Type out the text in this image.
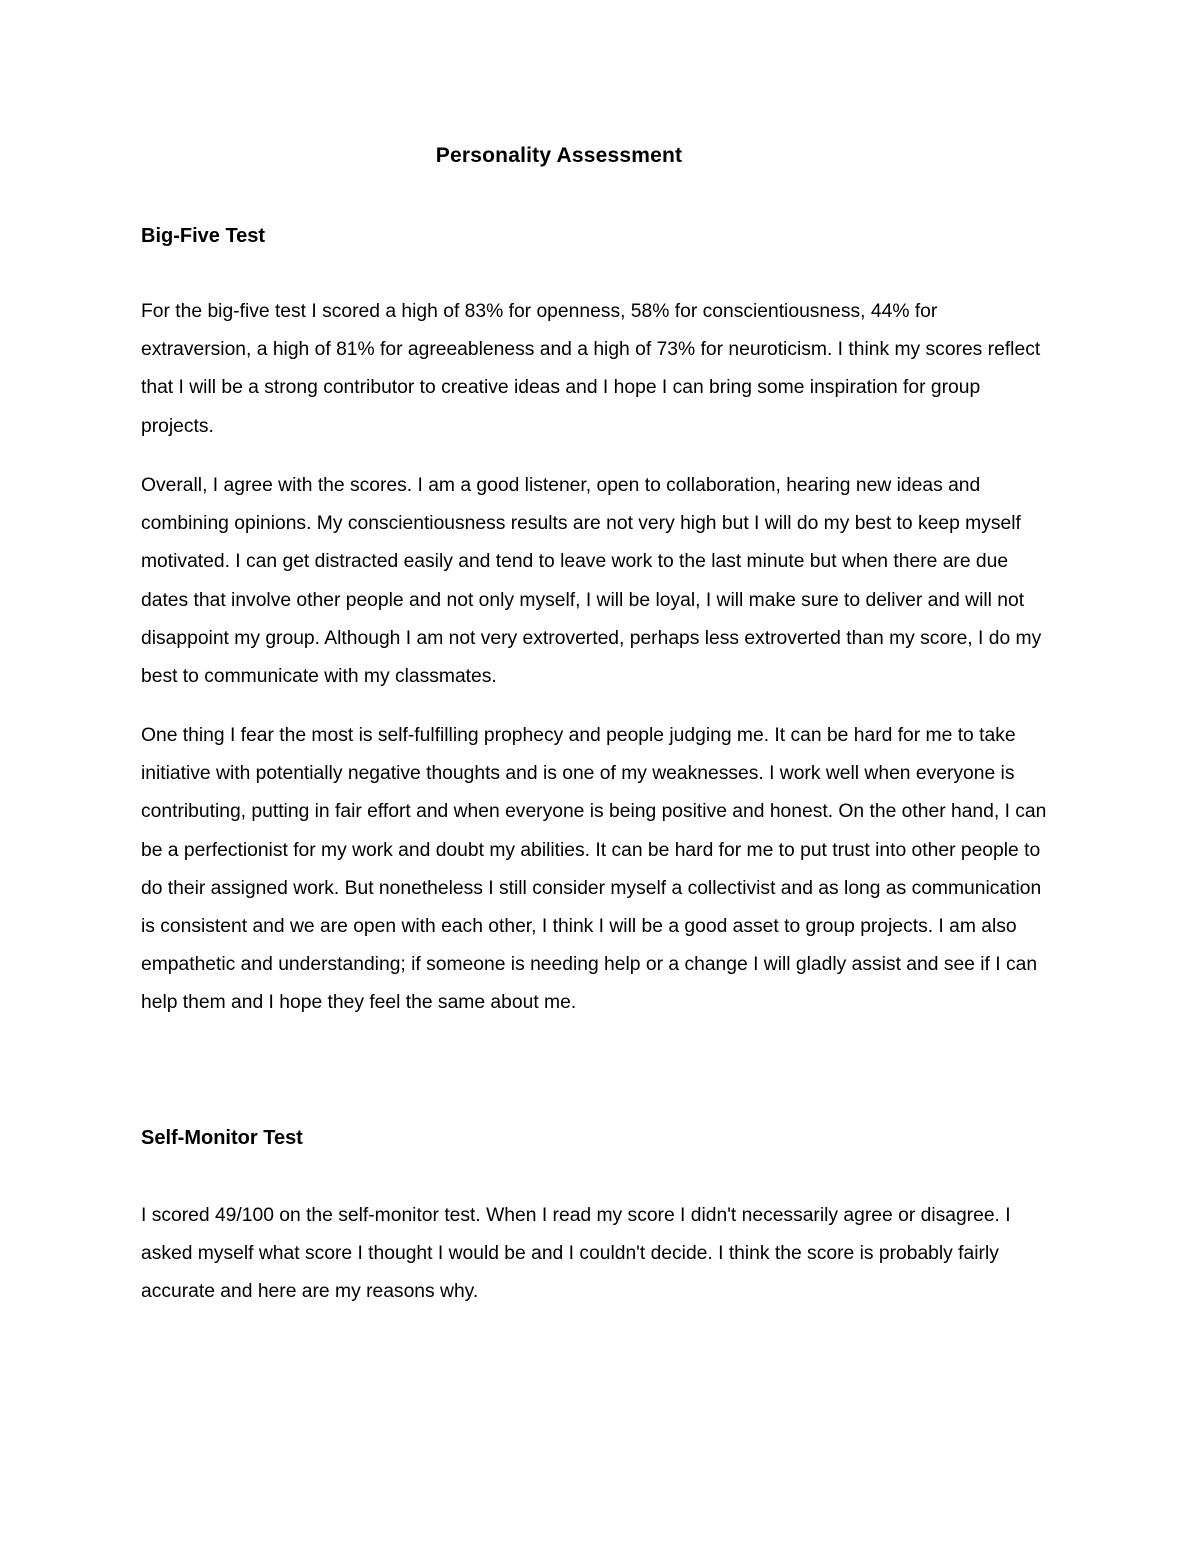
Personality Assessment
Big-Five Test

For the big-five test I scored a high of 83% for openness, 58% for conscientiousness, 44% for extraversion, a high of 81% for agreeableness and a high of 73% for neuroticism. I think my scores reflect that I will be a strong contributor to creative ideas and I hope I can bring some inspiration for group projects.

Overall, I agree with the scores. I am a good listener, open to collaboration, hearing new ideas and combining opinions. My conscientiousness results are not very high but I will do my best to keep myself motivated. I can get distracted easily and tend to leave work to the last minute but when there are due dates that involve other people and not only myself, I will be loyal, I will make sure to deliver and will not disappoint my group. Although I am not very extroverted, perhaps less extroverted than my score, I do my best to communicate with my classmates.

One thing I fear the most is self-fulfilling prophecy and people judging me. It can be hard for me to take initiative with potentially negative thoughts and is one of my weaknesses. I work well when everyone is contributing, putting in fair effort and when everyone is being positive and honest. On the other hand, I can be a perfectionist for my work and doubt my abilities. It can be hard for me to put trust into other people to do their assigned work. But nonetheless I still consider myself a collectivist and as long as communication is consistent and we are open with each other, I think I will be a good asset to group projects. I am also empathetic and understanding; if someone is needing help or a change I will gladly assist and see if I can help them and I hope they feel the same about me.

Self-Monitor Test

I scored 49/100 on the self-monitor test. When I read my score I didn't necessarily agree or disagree. I asked myself what score I thought I would be and I couldn't decide. I think the score is probably fairly accurate and here are my reasons why.
